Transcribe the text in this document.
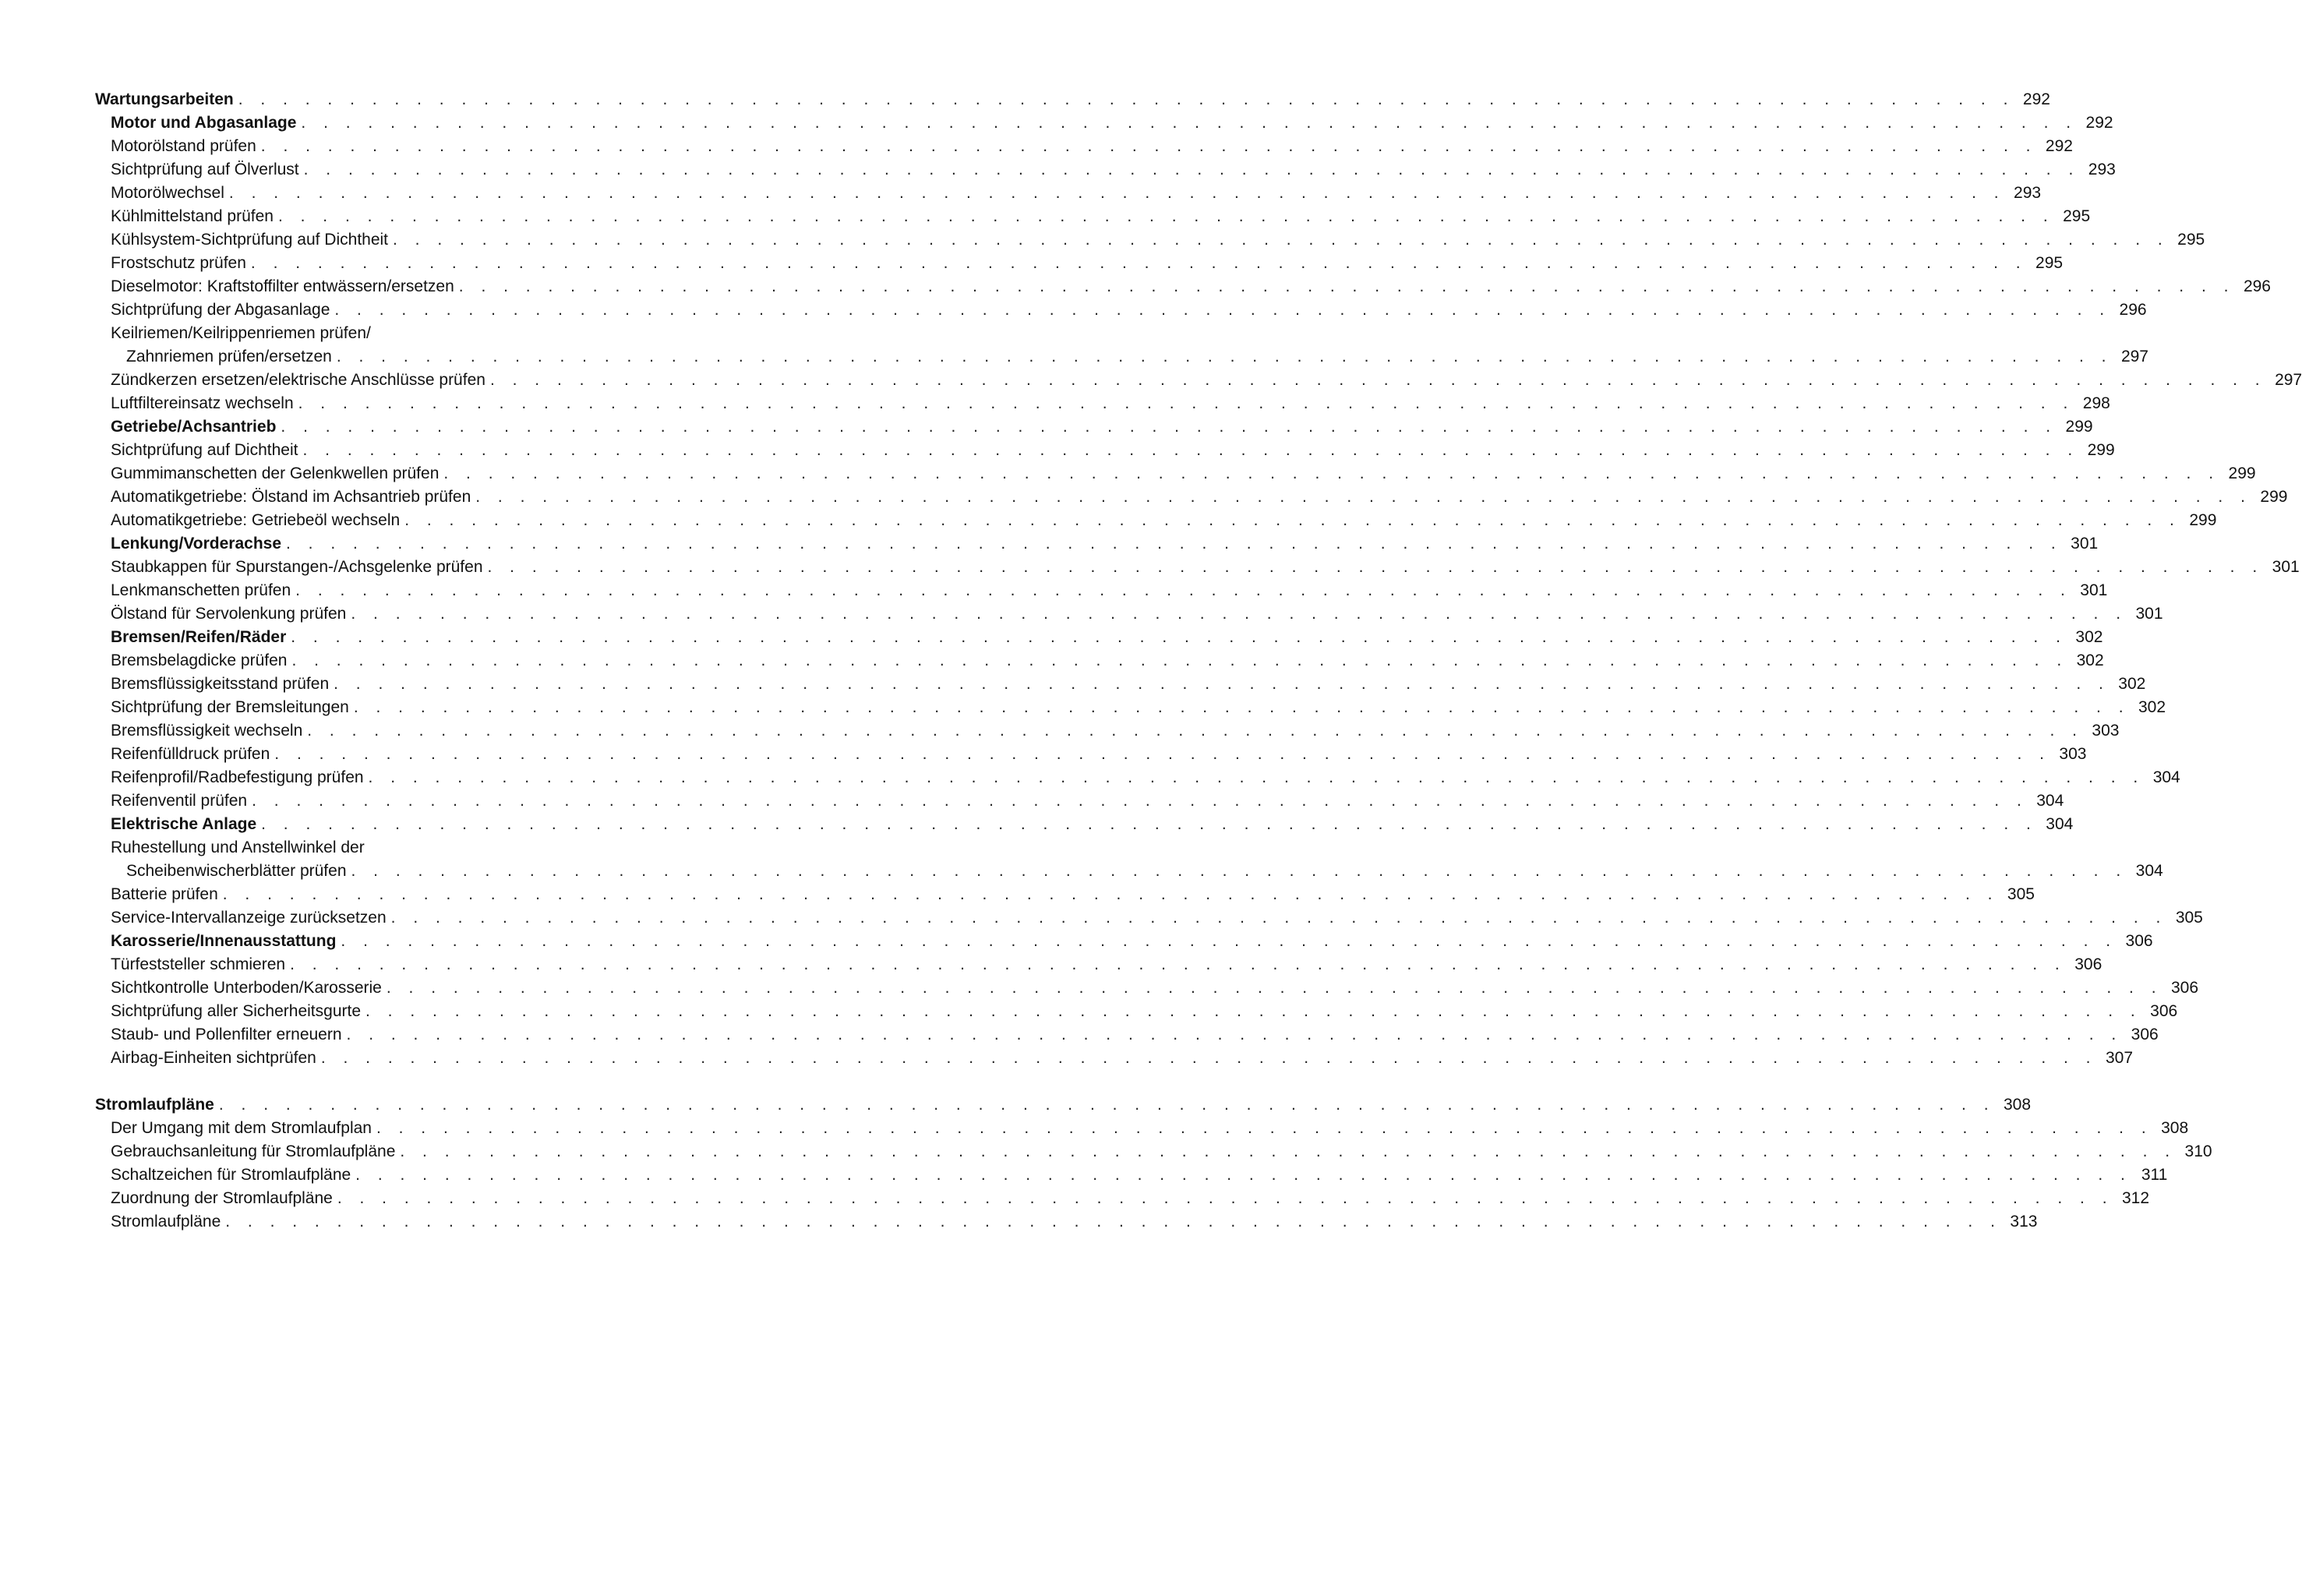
Wartungsarbeiten . . . . . . . . . . . . . . . . . . . . . . . . . . . . . . . . . . . . . . . . . . . . . . . . . . . . . . . . . . . . . . . . . . . . . . . . . . . . . . . . 292
Motor und Abgasanlage . . . . . . . . . . . . . . . . . . . . . . . . . . . . . . . . . . . . . . . . . . . . . . . . . . . . . . . . . . . . . . . . . . . . . . . . . . . . . . . . 292
Motorölstand prüfen . . . . . . . . . . . . . . . . . . . . . . . . . . . . . . . . . . . . . . . . . . . . . . . . . . . . . . . . . . . . . . . . . . . . . . . . . . . . . . . . 292
Sichtprüfung auf Ölverlust . . . . . . . . . . . . . . . . . . . . . . . . . . . . . . . . . . . . . . . . . . . . . . . . . . . . . . . . . . . . . . . . . . . . . . . . . . . . . . . . 293
Motorölwechsel . . . . . . . . . . . . . . . . . . . . . . . . . . . . . . . . . . . . . . . . . . . . . . . . . . . . . . . . . . . . . . . . . . . . . . . . . . . . . . . . 293
Kühlmittelstand prüfen . . . . . . . . . . . . . . . . . . . . . . . . . . . . . . . . . . . . . . . . . . . . . . . . . . . . . . . . . . . . . . . . . . . . . . . . . . . . . . . . 295
Kühlsystem-Sichtprüfung auf Dichtheit . . . . . . . . . . . . . . . . . . . . . . . . . . . . . . . . . . . . . . . . . . . . . . . . . . . . . . . . . . . . . . . . . . . . . . . . . . . . . . . . 295
Frostschutz prüfen . . . . . . . . . . . . . . . . . . . . . . . . . . . . . . . . . . . . . . . . . . . . . . . . . . . . . . . . . . . . . . . . . . . . . . . . . . . . . . . . 295
Dieselmotor: Kraftstoffilter entwässern/ersetzen . . . . . . . . . . . . . . . . . . . . . . . . . . . . . . . . . . . . . . . . . . . . . . . . . . . . . . . . . . . . . . . . . . . . . . . . . . . . . . . . 296
Sichtprüfung der Abgasanlage . . . . . . . . . . . . . . . . . . . . . . . . . . . . . . . . . . . . . . . . . . . . . . . . . . . . . . . . . . . . . . . . . . . . . . . . . . . . . . . . 296
Keilriemen/Keilrippenriemen prüfen/
Zahnriemen prüfen/ersetzen . . . . . . . . . . . . . . . . . . . . . . . . . . . . . . . . . . . . . . . . . . . . . . . . . . . . . . . . . . . . . . . . . . . . . . . . . . . . . . . . 297
Zündkerzen ersetzen/elektrische Anschlüsse prüfen . . . . . . . . . . . . . . . . . . . . . . . . . . . . . . . . . . . . . . . . . . . . . . . . . . . . . . . . . . . . . . . . . . . . . . . . . . . . . . . . 297
Luftfiltereinsatz wechseln . . . . . . . . . . . . . . . . . . . . . . . . . . . . . . . . . . . . . . . . . . . . . . . . . . . . . . . . . . . . . . . . . . . . . . . . . . . . . . . . 298
Getriebe/Achsantrieb . . . . . . . . . . . . . . . . . . . . . . . . . . . . . . . . . . . . . . . . . . . . . . . . . . . . . . . . . . . . . . . . . . . . . . . . . . . . . . . . 299
Sichtprüfung auf Dichtheit . . . . . . . . . . . . . . . . . . . . . . . . . . . . . . . . . . . . . . . . . . . . . . . . . . . . . . . . . . . . . . . . . . . . . . . . . . . . . . . . 299
Gummimanschetten der Gelenkwellen prüfen . . . . . . . . . . . . . . . . . . . . . . . . . . . . . . . . . . . . . . . . . . . . . . . . . . . . . . . . . . . . . . . . . . . . . . . . . . . . . . . . 299
Automatikgetriebe: Ölstand im Achsantrieb prüfen . . . . . . . . . . . . . . . . . . . . . . . . . . . . . . . . . . . . . . . . . . . . . . . . . . . . . . . . . . . . . . . . . . . . . . . . . . . . . . . . 299
Automatikgetriebe: Getriebeöl wechseln . . . . . . . . . . . . . . . . . . . . . . . . . . . . . . . . . . . . . . . . . . . . . . . . . . . . . . . . . . . . . . . . . . . . . . . . . . . . . . . . 299
Lenkung/Vorderachse . . . . . . . . . . . . . . . . . . . . . . . . . . . . . . . . . . . . . . . . . . . . . . . . . . . . . . . . . . . . . . . . . . . . . . . . . . . . . . . . 301
Staubkappen für Spurstangen-/Achsgelenke prüfen . . . . . . . . . . . . . . . . . . . . . . . . . . . . . . . . . . . . . . . . . . . . . . . . . . . . . . . . . . . . . . . . . . . . . . . . . . . . . . . . 301
Lenkmanschetten prüfen . . . . . . . . . . . . . . . . . . . . . . . . . . . . . . . . . . . . . . . . . . . . . . . . . . . . . . . . . . . . . . . . . . . . . . . . . . . . . . . . 301
Ölstand für Servolenkung prüfen . . . . . . . . . . . . . . . . . . . . . . . . . . . . . . . . . . . . . . . . . . . . . . . . . . . . . . . . . . . . . . . . . . . . . . . . . . . . . . . . 301
Bremsen/Reifen/Räder . . . . . . . . . . . . . . . . . . . . . . . . . . . . . . . . . . . . . . . . . . . . . . . . . . . . . . . . . . . . . . . . . . . . . . . . . . . . . . . . 302
Bremsbelagdicke prüfen . . . . . . . . . . . . . . . . . . . . . . . . . . . . . . . . . . . . . . . . . . . . . . . . . . . . . . . . . . . . . . . . . . . . . . . . . . . . . . . . 302
Bremsflüssigkeitsstand prüfen . . . . . . . . . . . . . . . . . . . . . . . . . . . . . . . . . . . . . . . . . . . . . . . . . . . . . . . . . . . . . . . . . . . . . . . . . . . . . . . . 302
Sichtprüfung der Bremsleitungen . . . . . . . . . . . . . . . . . . . . . . . . . . . . . . . . . . . . . . . . . . . . . . . . . . . . . . . . . . . . . . . . . . . . . . . . . . . . . . . . 302
Bremsflüssigkeit wechseln . . . . . . . . . . . . . . . . . . . . . . . . . . . . . . . . . . . . . . . . . . . . . . . . . . . . . . . . . . . . . . . . . . . . . . . . . . . . . . . . 303
Reifenfülldruck prüfen . . . . . . . . . . . . . . . . . . . . . . . . . . . . . . . . . . . . . . . . . . . . . . . . . . . . . . . . . . . . . . . . . . . . . . . . . . . . . . . . 303
Reifenprofil/Radbefestigung prüfen . . . . . . . . . . . . . . . . . . . . . . . . . . . . . . . . . . . . . . . . . . . . . . . . . . . . . . . . . . . . . . . . . . . . . . . . . . . . . . . . 304
Reifenventil prüfen . . . . . . . . . . . . . . . . . . . . . . . . . . . . . . . . . . . . . . . . . . . . . . . . . . . . . . . . . . . . . . . . . . . . . . . . . . . . . . . . 304
Elektrische Anlage . . . . . . . . . . . . . . . . . . . . . . . . . . . . . . . . . . . . . . . . . . . . . . . . . . . . . . . . . . . . . . . . . . . . . . . . . . . . . . . . 304
Ruhestellung und Anstellwinkel der
Scheibenwischerblätter prüfen . . . . . . . . . . . . . . . . . . . . . . . . . . . . . . . . . . . . . . . . . . . . . . . . . . . . . . . . . . . . . . . . . . . . . . . . . . . . . . . . 304
Batterie prüfen . . . . . . . . . . . . . . . . . . . . . . . . . . . . . . . . . . . . . . . . . . . . . . . . . . . . . . . . . . . . . . . . . . . . . . . . . . . . . . . . 305
Service-Intervallanzeige zurücksetzen . . . . . . . . . . . . . . . . . . . . . . . . . . . . . . . . . . . . . . . . . . . . . . . . . . . . . . . . . . . . . . . . . . . . . . . . . . . . . . . . 305
Karosserie/Innenausstattung . . . . . . . . . . . . . . . . . . . . . . . . . . . . . . . . . . . . . . . . . . . . . . . . . . . . . . . . . . . . . . . . . . . . . . . . . . . . . . . . 306
Türfeststeller schmieren . . . . . . . . . . . . . . . . . . . . . . . . . . . . . . . . . . . . . . . . . . . . . . . . . . . . . . . . . . . . . . . . . . . . . . . . . . . . . . . . 306
Sichtkontrolle Unterboden/Karosserie . . . . . . . . . . . . . . . . . . . . . . . . . . . . . . . . . . . . . . . . . . . . . . . . . . . . . . . . . . . . . . . . . . . . . . . . . . . . . . . . 306
Sichtprüfung aller Sicherheitsgurte . . . . . . . . . . . . . . . . . . . . . . . . . . . . . . . . . . . . . . . . . . . . . . . . . . . . . . . . . . . . . . . . . . . . . . . . . . . . . . . . 306
Staub- und Pollenfilter erneuern . . . . . . . . . . . . . . . . . . . . . . . . . . . . . . . . . . . . . . . . . . . . . . . . . . . . . . . . . . . . . . . . . . . . . . . . . . . . . . . . 306
Airbag-Einheiten sichtprüfen . . . . . . . . . . . . . . . . . . . . . . . . . . . . . . . . . . . . . . . . . . . . . . . . . . . . . . . . . . . . . . . . . . . . . . . . . . . . . . . . 307
Stromlaufpläne . . . . . . . . . . . . . . . . . . . . . . . . . . . . . . . . . . . . . . . . . . . . . . . . . . . . . . . . . . . . . . . . . . . . . . . . . . . . . . . . 308
Der Umgang mit dem Stromlaufplan . . . . . . . . . . . . . . . . . . . . . . . . . . . . . . . . . . . . . . . . . . . . . . . . . . . . . . . . . . . . . . . . . . . . . . . . . . . . . . . . 308
Gebrauchsanleitung für Stromlaufpläne . . . . . . . . . . . . . . . . . . . . . . . . . . . . . . . . . . . . . . . . . . . . . . . . . . . . . . . . . . . . . . . . . . . . . . . . . . . . . . . . 310
Schaltzeichen für Stromlaufpläne . . . . . . . . . . . . . . . . . . . . . . . . . . . . . . . . . . . . . . . . . . . . . . . . . . . . . . . . . . . . . . . . . . . . . . . . . . . . . . . . 311
Zuordnung der Stromlaufpläne . . . . . . . . . . . . . . . . . . . . . . . . . . . . . . . . . . . . . . . . . . . . . . . . . . . . . . . . . . . . . . . . . . . . . . . . . . . . . . . . 312
Stromlaufpläne . . . . . . . . . . . . . . . . . . . . . . . . . . . . . . . . . . . . . . . . . . . . . . . . . . . . . . . . . . . . . . . . . . . . . . . . . . . . . . . . 313
